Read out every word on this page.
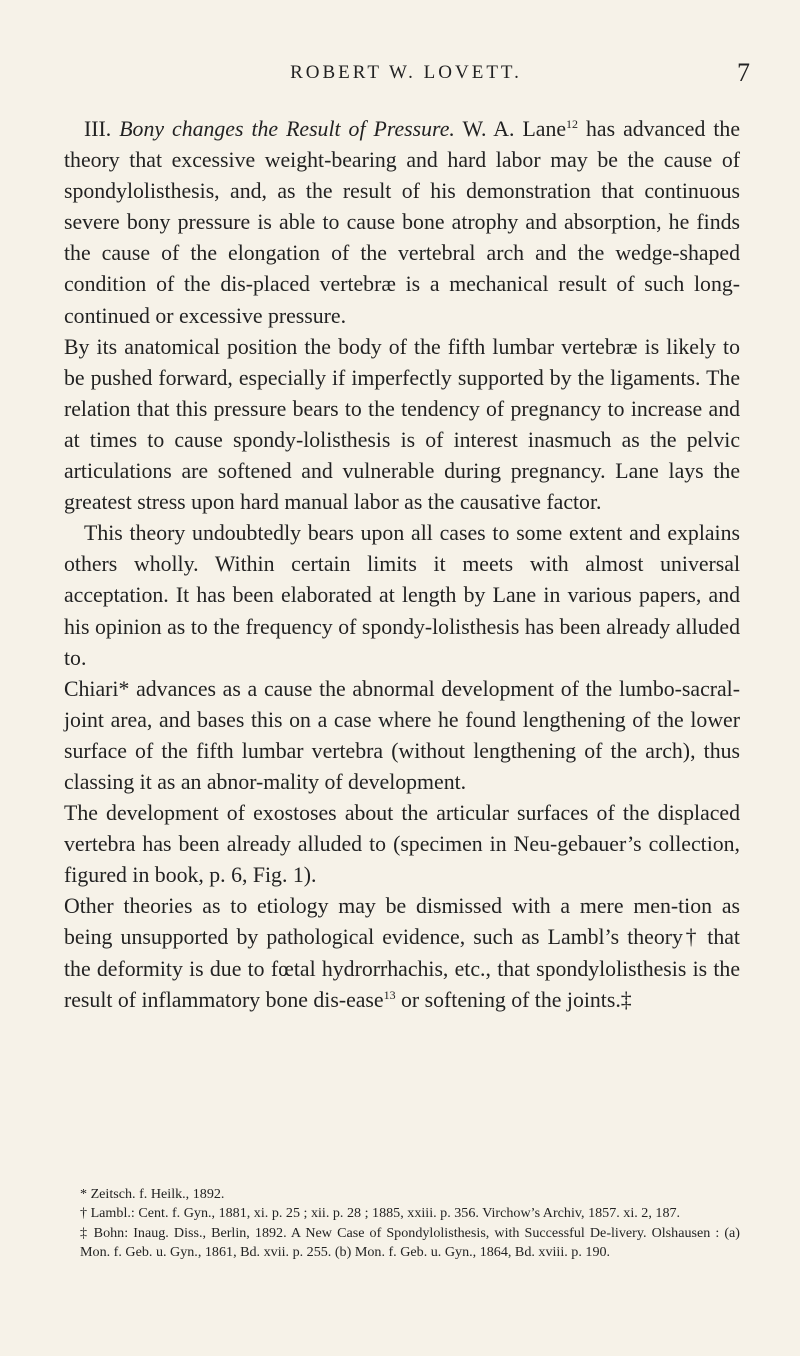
ROBERT W. LOVETT.	7

III. Bony changes the Result of Pressure. W. A. Lane$^{12}$ has advanced the theory that excessive weight-bearing and hard labor may be the cause of spondylolisthesis, and, as the result of his demonstration that continuous severe bony pressure is able to cause bone atrophy and absorption, he finds the cause of the elongation of the vertebral arch and the wedge-shaped condition of the dis-placed vertebræ is a mechanical result of such long-continued or excessive pressure.

By its anatomical position the body of the fifth lumbar vertebræ is likely to be pushed forward, especially if imperfectly supported by the ligaments. The relation that this pressure bears to the tendency of pregnancy to increase and at times to cause spondy-lolisthesis is of interest inasmuch as the pelvic articulations are softened and vulnerable during pregnancy. Lane lays the greatest stress upon hard manual labor as the causative factor.

This theory undoubtedly bears upon all cases to some extent and explains others wholly. Within certain limits it meets with almost universal acceptation. It has been elaborated at length by Lane in various papers, and his opinion as to the frequency of spondy-lolisthesis has been already alluded to.

Chiari* advances as a cause the abnormal development of the lumbo-sacral-joint area, and bases this on a case where he found lengthening of the lower surface of the fifth lumbar vertebra (without lengthening of the arch), thus classing it as an abnor-mality of development.

The development of exostoses about the articular surfaces of the displaced vertebra has been already alluded to (specimen in Neu-gebauer’s collection, figured in book, p. 6, Fig. 1).

Other theories as to etiology may be dismissed with a mere men-tion as being unsupported by pathological evidence, such as Lambl’s theory† that the deformity is due to fœtal hydrorrhachis, etc., that spondylolisthesis is the result of inflammatory bone dis-ease$^{13}$ or softening of the joints.‡

* Zeitsch. f. Heilk., 1892.

† Lambl.: Cent. f. Gyn., 1881, xi. p. 25 ; xii. p. 28 ; 1885, xxiii. p. 356. Virchow’s Archiv, 1857. xi. 2, 187.

‡ Bohn: Inaug. Diss., Berlin, 1892. A New Case of Spondylolisthesis, with Successful De-livery. Olshausen : (a) Mon. f. Geb. u. Gyn., 1861, Bd. xvii. p. 255. (b) Mon. f. Geb. u. Gyn., 1864, Bd. xviii. p. 190.
